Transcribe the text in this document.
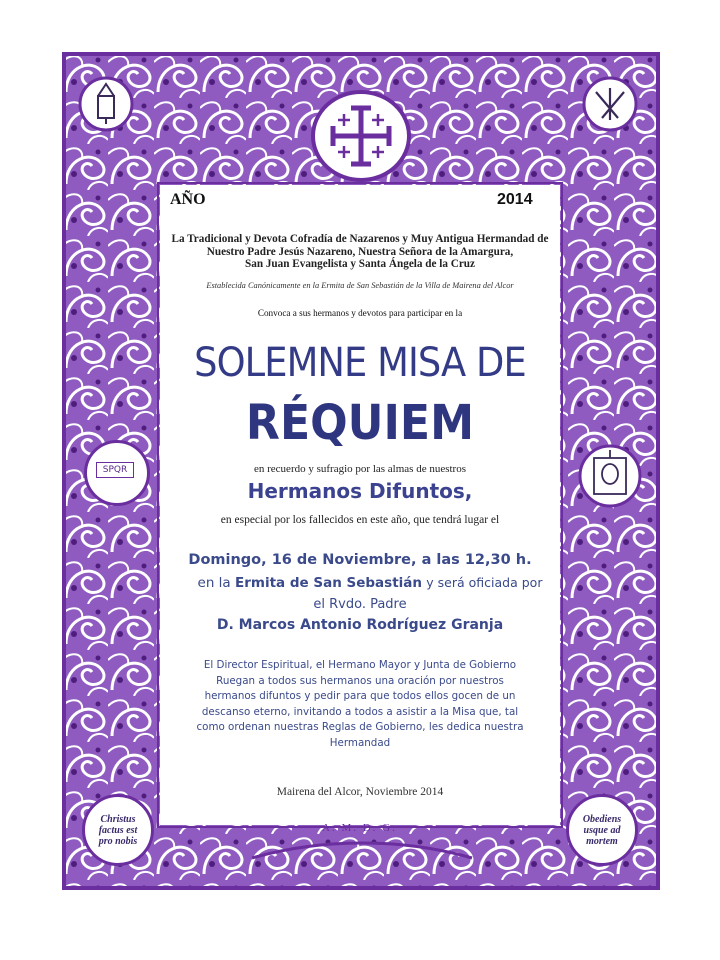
SPQR
AÑO	2014
La Tradicional y Devota Cofradía de Nazarenos y Muy Antigua Hermandad de
Nuestro Padre Jesús Nazareno, Nuestra Señora de la Amargura,
San Juan Evangelista y Santa Ángela de la Cruz
Establecida Canónicamente en la Ermita de San Sebastián de la Villa de Mairena del Alcor
Convoca a sus hermanos y devotos para participar en la
SOLEMNE MISA DE
RÉQUIEM
en recuerdo y sufragio por las almas de nuestros
Hermanos Difuntos,
en especial por los fallecidos en este año, que tendrá lugar el
Domingo, 16 de Noviembre, a las 12,30 h.
en la Ermita de San Sebastián y será oficiada por
el Rvdo. Padre
D. Marcos Antonio Rodríguez Granja
El Director Espiritual, el Hermano Mayor y Junta de Gobierno
Ruegan a todos sus hermanos una oración por nuestros
hermanos difuntos y pedir para que todos ellos gocen de un
descanso eterno, invitando a todos a asistir a la Misa que, tal
como ordenan nuestras Reglas de Gobierno, les dedica nuestra
Hermandad
Mairena del Alcor, Noviembre 2014
A. M. D. G.
Christus
factus est
pro nobis
Obediens
usque ad
mortem
